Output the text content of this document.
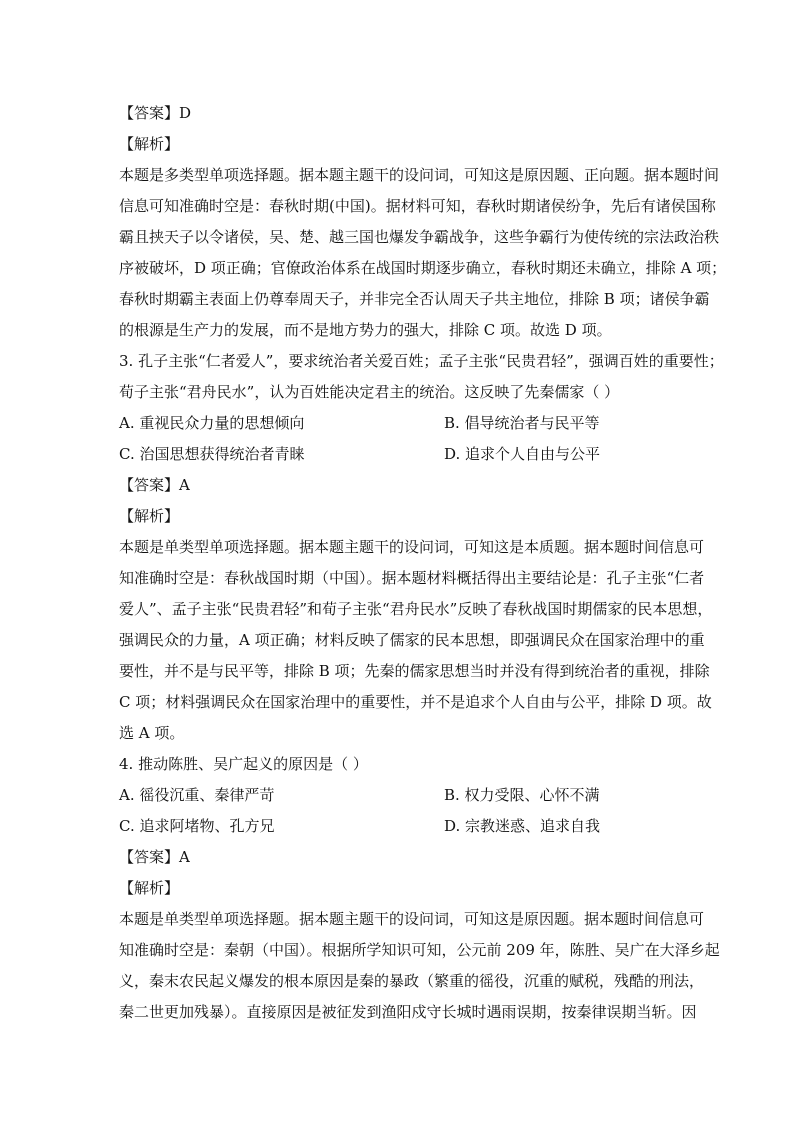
【答案】D
【解析】
本题是多类型单项选择题。据本题主题干的设问词，可知这是原因题、正向题。据本题时间
信息可知准确时空是：春秋时期(中国)。据材料可知，春秋时期诸侯纷争，先后有诸侯国称
霸且挟天子以令诸侯，吴、楚、越三国也爆发争霸战争，这些争霸行为使传统的宗法政治秩
序被破坏，D 项正确；官僚政治体系在战国时期逐步确立，春秋时期还未确立，排除 A 项；
春秋时期霸主表面上仍尊奉周天子，并非完全否认周天子共主地位，排除 B 项；诸侯争霸
的根源是生产力的发展，而不是地方势力的强大，排除 C 项。故选 D 项。
3. 孔子主张“仁者爱人”，要求统治者关爱百姓；孟子主张“民贵君轻”，强调百姓的重要性；
荀子主张“君舟民水”，认为百姓能决定君主的统治。这反映了先秦儒家（ ）
A. 重视民众力量的思想倾向	B. 倡导统治者与民平等
C. 治国思想获得统治者青睐	D. 追求个人自由与公平
【答案】A
【解析】
本题是单类型单项选择题。据本题主题干的设问词，可知这是本质题。据本题时间信息可
知准确时空是：春秋战国时期（中国）。据本题材料概括得出主要结论是：孔子主张“仁者
爱人”、孟子主张“民贵君轻”和荀子主张“君舟民水”反映了春秋战国时期儒家的民本思想，
强调民众的力量，A 项正确；材料反映了儒家的民本思想，即强调民众在国家治理中的重
要性，并不是与民平等，排除 B 项；先秦的儒家思想当时并没有得到统治者的重视，排除
C 项；材料强调民众在国家治理中的重要性，并不是追求个人自由与公平，排除 D 项。故
选 A 项。
4. 推动陈胜、吴广起义的原因是（ ）
A. 徭役沉重、秦律严苛	B. 权力受限、心怀不满
C. 追求阿堵物、孔方兄	D. 宗教迷惑、追求自我
【答案】A
【解析】
本题是单类型单项选择题。据本题主题干的设问词，可知这是原因题。据本题时间信息可
知准确时空是：秦朝（中国）。根据所学知识可知，公元前 209 年，陈胜、吴广在大泽乡起
义，秦末农民起义爆发的根本原因是秦的暴政（繁重的徭役，沉重的赋税，残酷的刑法，
秦二世更加残暴）。直接原因是被征发到渔阳戍守长城时遇雨误期，按秦律误期当斩。因
